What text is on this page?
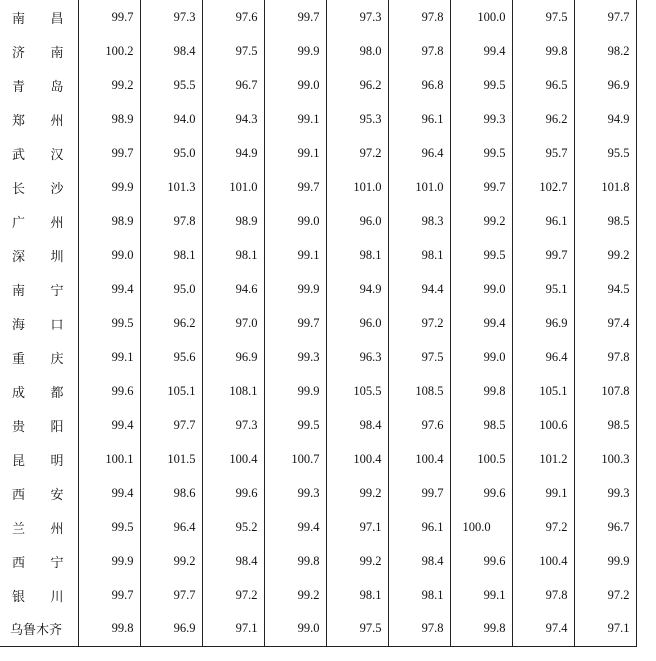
南　昌	99.7	97.3	97.6	99.7	97.3	97.8	100.0	97.5	97.7
济　南	100.2	98.4	97.5	99.9	98.0	97.8	99.4	99.8	98.2
青　岛	99.2	95.5	96.7	99.0	96.2	96.8	99.5	96.5	96.9
郑　州	98.9	94.0	94.3	99.1	95.3	96.1	99.3	96.2	94.9
武　汉	99.7	95.0	94.9	99.1	97.2	96.4	99.5	95.7	95.5
长　沙	99.9	101.3	101.0	99.7	101.0	101.0	99.7	102.7	101.8
广　州	98.9	97.8	98.9	99.0	96.0	98.3	99.2	96.1	98.5
深　圳	99.0	98.1	98.1	99.1	98.1	98.1	99.5	99.7	99.2
南　宁	99.4	95.0	94.6	99.9	94.9	94.4	99.0	95.1	94.5
海　口	99.5	96.2	97.0	99.7	96.0	97.2	99.4	96.9	97.4
重　庆	99.1	95.6	96.9	99.3	96.3	97.5	99.0	96.4	97.8
成　都	99.6	105.1	108.1	99.9	105.5	108.5	99.8	105.1	107.8
贵　阳	99.4	97.7	97.3	99.5	98.4	97.6	98.5	100.6	98.5
昆　明	100.1	101.5	100.4	100.7	100.4	100.4	100.5	101.2	100.3
西　安	99.4	98.6	99.6	99.3	99.2	99.7	99.6	99.1	99.3
兰　州	99.5	96.4	95.2	99.4	97.1	96.1	100.0	97.2	96.7
西　宁	99.9	99.2	98.4	99.8	99.2	98.4	99.6	100.4	99.9
银　川	99.7	97.7	97.2	99.2	98.1	98.1	99.1	97.8	97.2
乌鲁木齐	99.8	96.9	97.1	99.0	97.5	97.8	99.8	97.4	97.1
